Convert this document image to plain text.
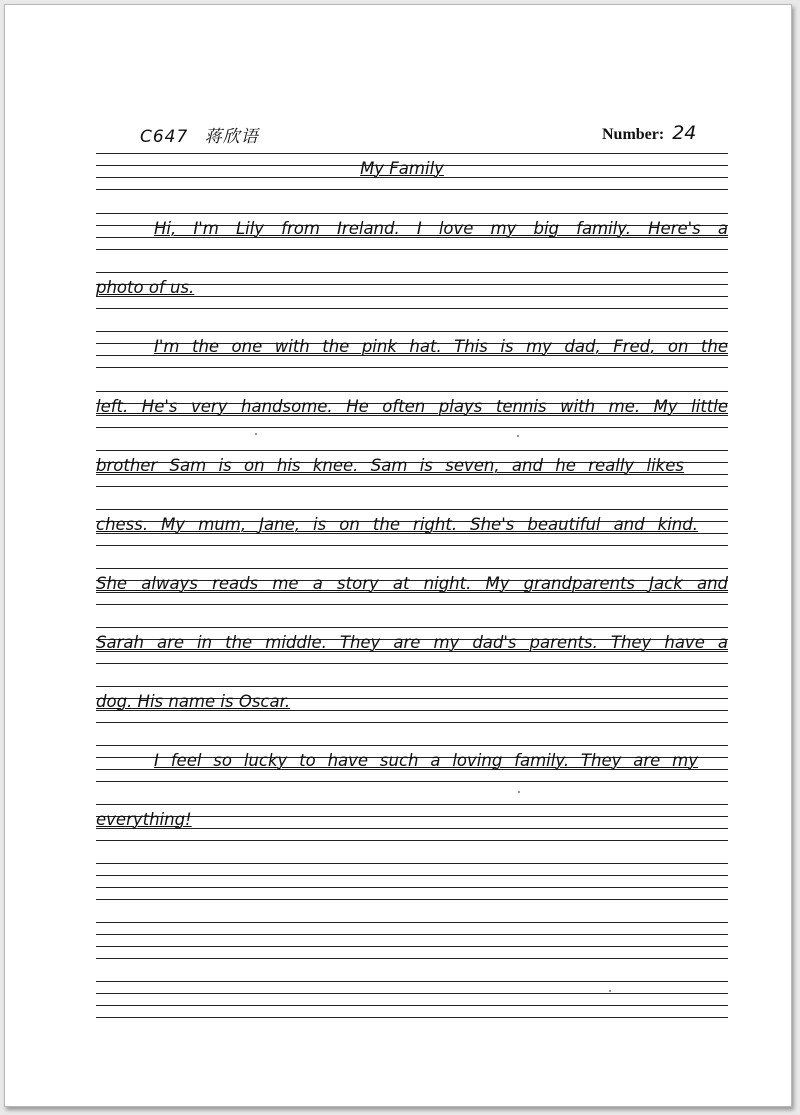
C647 蒋欣语	Number: 24
My Family
Hi, I'm Lily from Ireland. I love my big family. Here's a
photo of us.
I'm the one with the pink hat. This is my dad, Fred, on the
left. He's very handsome. He often plays tennis with me. My little
brother Sam is on his knee. Sam is seven, and he really likes
chess. My mum, Jane, is on the right. She's beautiful and kind.
She always reads me a story at night. My grandparents Jack and
Sarah are in the middle. They are my dad's parents. They have a
dog. His name is Oscar.
I feel so lucky to have such a loving family. They are my
everything!
